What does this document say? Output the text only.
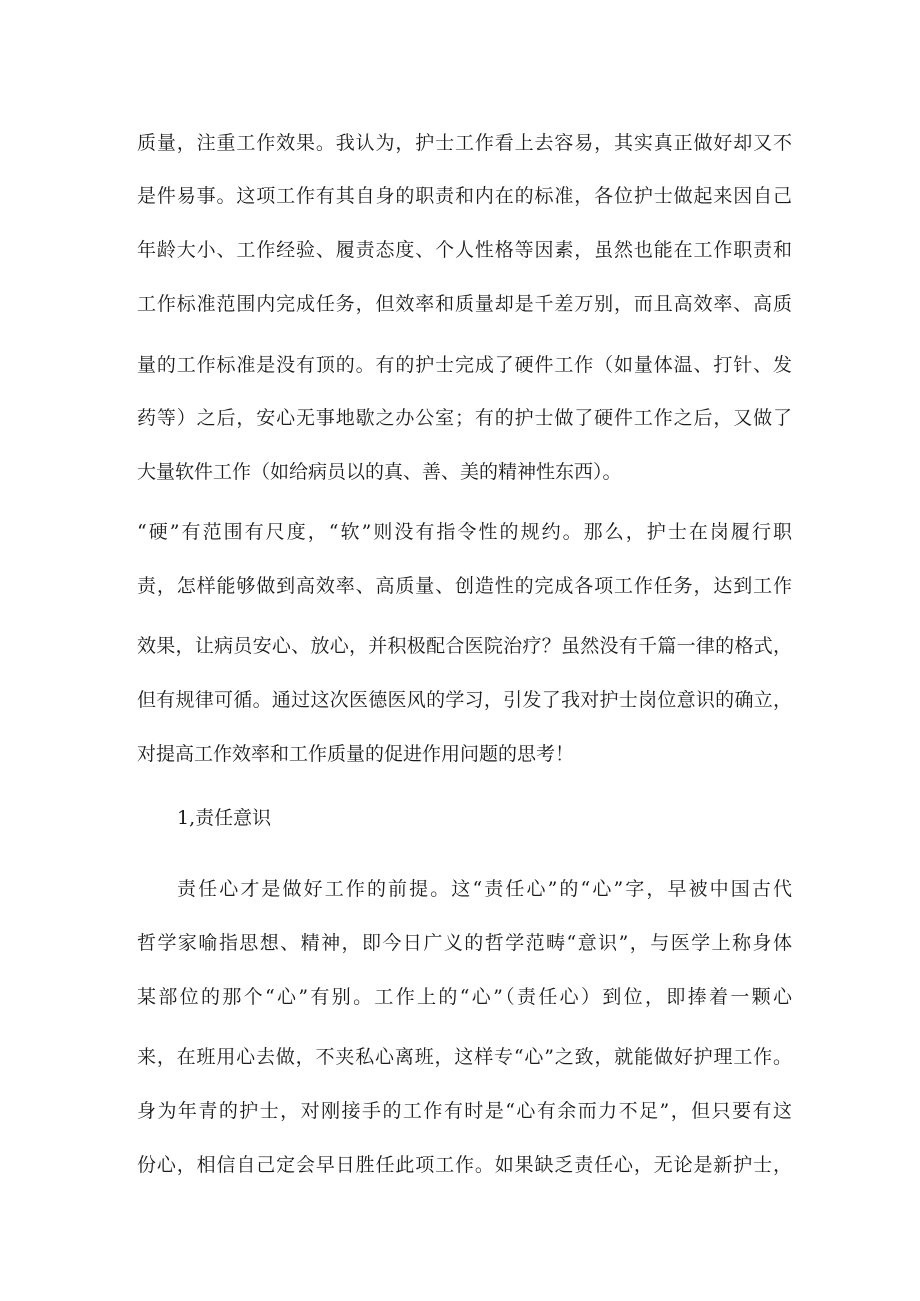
质量，注重工作效果。我认为，护士工作看上去容易，其实真正做好却又不
是件易事。这项工作有其自身的职责和内在的标准，各位护士做起来因自己
年龄大小、工作经验、履责态度、个人性格等因素，虽然也能在工作职责和
工作标准范围内完成任务，但效率和质量却是千差万别，而且高效率、高质
量的工作标准是没有顶的。有的护士完成了硬件工作（如量体温、打针、发
药等）之后，安心无事地歇之办公室；有的护士做了硬件工作之后，又做了
大量软件工作（如给病员以的真、善、美的精神性东西）。
“硬”有范围有尺度，“软”则没有指令性的规约。那么，护士在岗履行职
责，怎样能够做到高效率、高质量、创造性的完成各项工作任务，达到工作
效果，让病员安心、放心，并积极配合医院治疗？虽然没有千篇一律的格式，
但有规律可循。通过这次医德医风的学习，引发了我对护士岗位意识的确立，
对提高工作效率和工作质量的促进作用问题的思考！
1,责任意识
责任心才是做好工作的前提。这“责任心”的“心”字，早被中国古代
哲学家喻指思想、精神，即今日广义的哲学范畴“意识”，与医学上称身体
某部位的那个“心”有别。工作上的“心”（责任心）到位，即捧着一颗心
来，在班用心去做，不夹私心离班，这样专“心”之致，就能做好护理工作。
身为年青的护士，对刚接手的工作有时是“心有余而力不足”，但只要有这
份心，相信自己定会早日胜任此项工作。如果缺乏责任心，无论是新护士，
